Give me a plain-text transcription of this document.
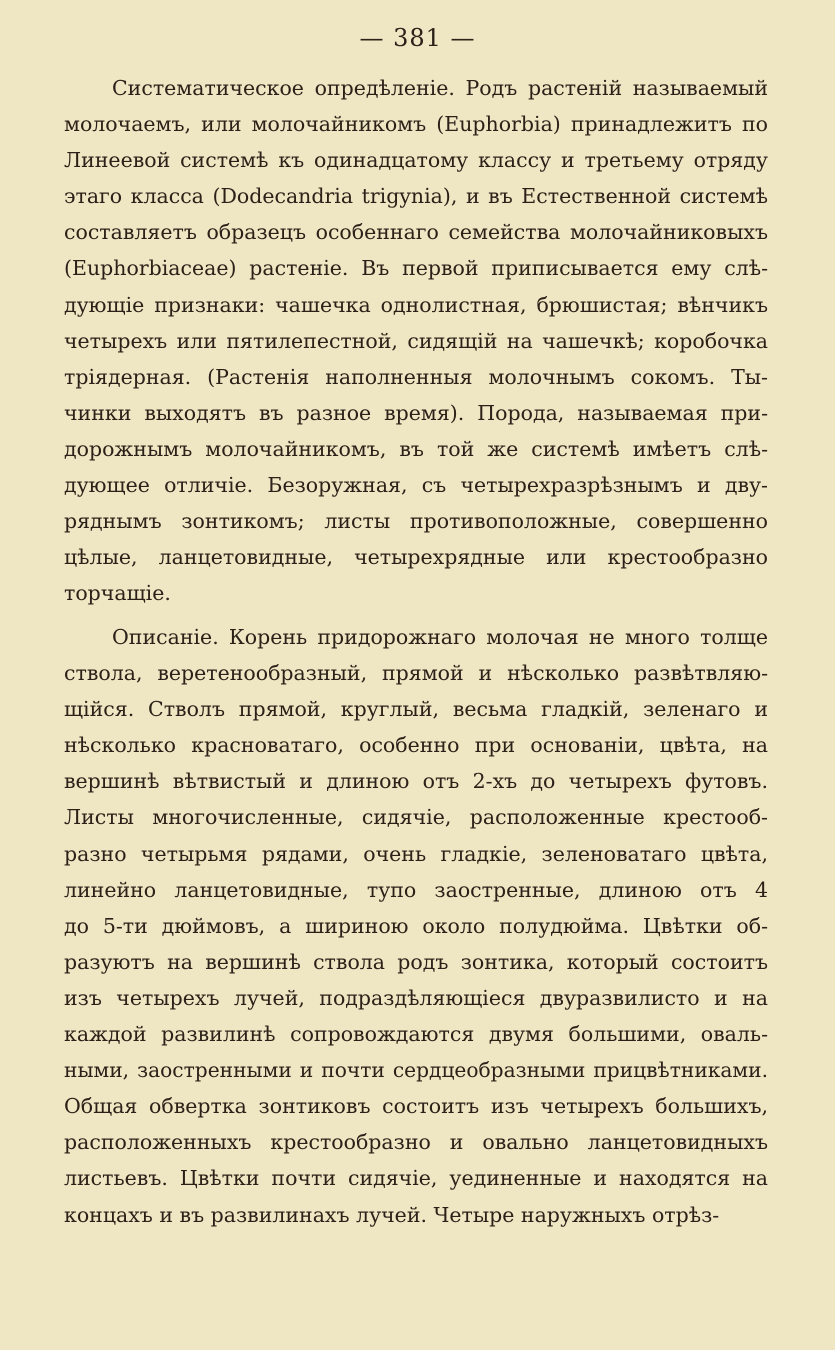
— 381 —
Систематическое опредѣленіе. Родъ растеній называемый
молочаемъ, или молочайникомъ (Euphorbia) принадлежитъ по
Линеевой системѣ къ одинадцатому классу и третьему отряду
этаго класса (Dodecandria trigynia), и въ Естественной системѣ
составляетъ образецъ особеннаго семейства молочайниковыхъ
(Euphorbiaceae) растеніе. Въ первой приписывается ему слѣ-
дующіе признаки: чашечка однолистная, брюшистая; вѣнчикъ
четырехъ или пятилепестной, сидящій на чашечкѣ; коробочка
тріядерная. (Растенія наполненныя молочнымъ сокомъ. Ты-
чинки выходятъ въ разное время). Порода, называемая при-
дорожнымъ молочайникомъ, въ той же системѣ имѣетъ слѣ-
дующее отличіе. Безоружная, съ четырехразрѣзнымъ и дву-
ряднымъ зонтикомъ; листы противоположные, совершенно
цѣлые, ланцетовидные, четырехрядные или крестообразно
торчащіе.
Описаніе. Корень придорожнаго молочая не много толще
ствола, веретенообразный, прямой и нѣсколько развѣтвляю-
щійся. Стволъ прямой, круглый, весьма гладкій, зеленаго и
нѣсколько красноватаго, особенно при основаніи, цвѣта, на
вершинѣ вѣтвистый и длиною отъ 2-хъ до четырехъ футовъ.
Листы многочисленные, сидячіе, расположенные крестооб-
разно четырьмя рядами, очень гладкіе, зеленоватаго цвѣта,
линейно ланцетовидные, тупо заостренные, длиною отъ 4
до 5-ти дюймовъ, а шириною около полудюйма. Цвѣтки об-
разуютъ на вершинѣ ствола родъ зонтика, который состоитъ
изъ четырехъ лучей, подраздѣляющіеся двуразвилисто и на
каждой развилинѣ сопровождаются двумя большими, оваль-
ными, заостренными и почти сердцеобразными прицвѣтниками.
Общая обвертка зонтиковъ состоитъ изъ четырехъ большихъ,
расположенныхъ крестообразно и овально ланцетовидныхъ
листьевъ. Цвѣтки почти сидячіе, уединенные и находятся на
концахъ и въ развилинахъ лучей. Четыре наружныхъ отрѣз-
